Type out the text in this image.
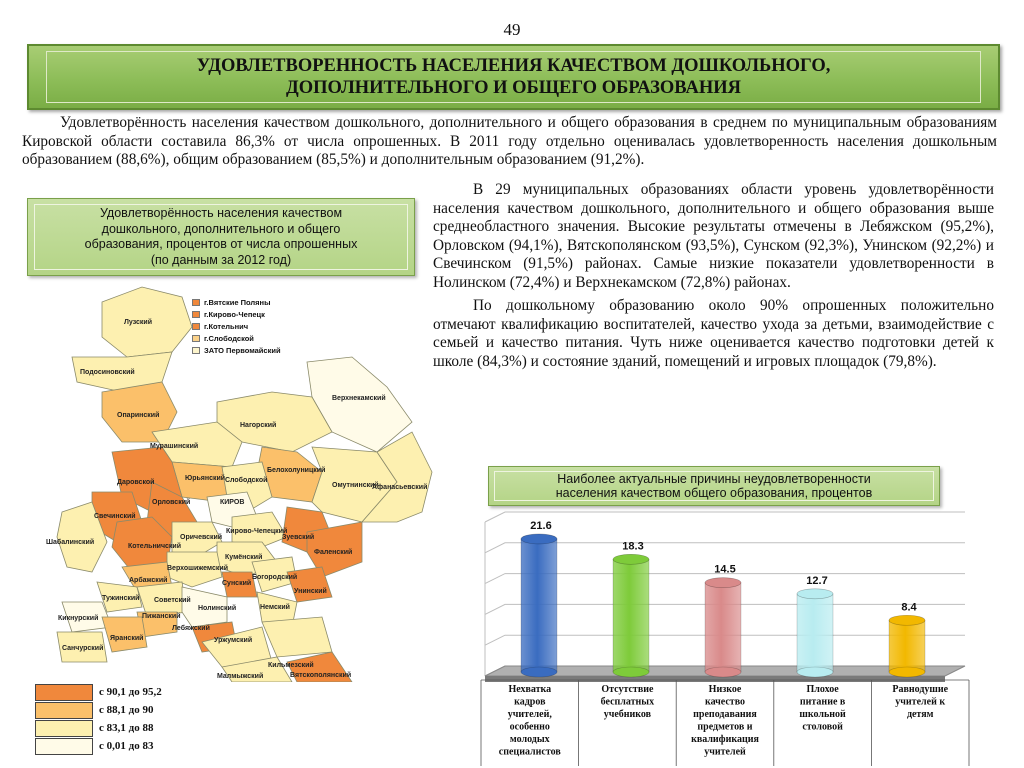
49
УДОВЛЕТВОРЕННОСТЬ НАСЕЛЕНИЯ КАЧЕСТВОМ ДОШКОЛЬНОГО,
ДОПОЛНИТЕЛЬНОГО И ОБЩЕГО ОБРАЗОВАНИЯ
Удовлетворённость населения качеством дошкольного, дополнительного и общего образования в среднем по муниципальным образованиям Кировской области составила 86,3% от числа опрошенных. В 2011 году отдельно оценивалась удовлетворенность населения дошкольным образованием (88,6%), общим образованием (85,5%) и дополнительным образованием (91,2%).
Удовлетворённость населения качеством
дошкольного, дополнительного и общего
образования, процентов от числа опрошенных
(по данным за 2012 год)

В 29 муниципальных образованиях области уровень удовлетворённости населения качеством дошкольного, дополнительного и общего образования выше среднеобластного значения. Высокие результаты отмечены в Лебяжском (95,2%), Орловском (94,1%), Вятскополянском (93,5%), Сунском (92,3%), Унинском (92,2%) и Свечинском (91,5%) районах. Самые низкие показатели удовлетворенности в Нолинском (72,4%) и Верхнекамском (72,8%) районах.

По дошкольному образованию около 90% опрошенных положительно отмечают квалификацию воспитателей, качество ухода за детьми, взаимодействие с семьей и качество питания. Чуть ниже оценивается качество подготовки детей к школе (84,3%) и состояние зданий, помещений и игровых площадок (79,8%).

Лузский
Подосиновский
Опаринский
Верхнекамский
Нагорский
Мурашинский
Юрьянский
Даровской
Орловский
Белохолуницкий
Слободской
Омутнинский
Афанасьевский
КИРОВ
Свечинский
Шабалинский
Котельничский
Оричевский
Кирово-Чепецкий
Зуевский
Фаленский
Кумёнский
Верхошижемский
Арбажский	Сунский
Богородский
Унинский
Тужинский Советский
Пижанский
Нолинский	Немский
Кикнурский
Яранский
Лебяжский
Уржумский
Санчурский
Кильмезский
Малмыжский	Вятскополянский
г.Вятские Поляны
г.Кирово-Чепецк
г.Котельнич
г.Слободской
ЗАТО Первомайский
с 90,1 до 95,2
с 88,1 до 90
с 83,1 до 88
с 0,01 до 83
Наиболее актуальные причины неудовлетворенности
населения качеством общего образования, процентов
21.6
18.3
14.5
12.7
8.4
Нехватка кадров учителей, особенно молодых специалистов
Отсутствие бесплатных учебников
Низкое качество преподавания предметов и квалификация учителей
Плохое питание в школьной столовой
Равнодушие учителей к детям
